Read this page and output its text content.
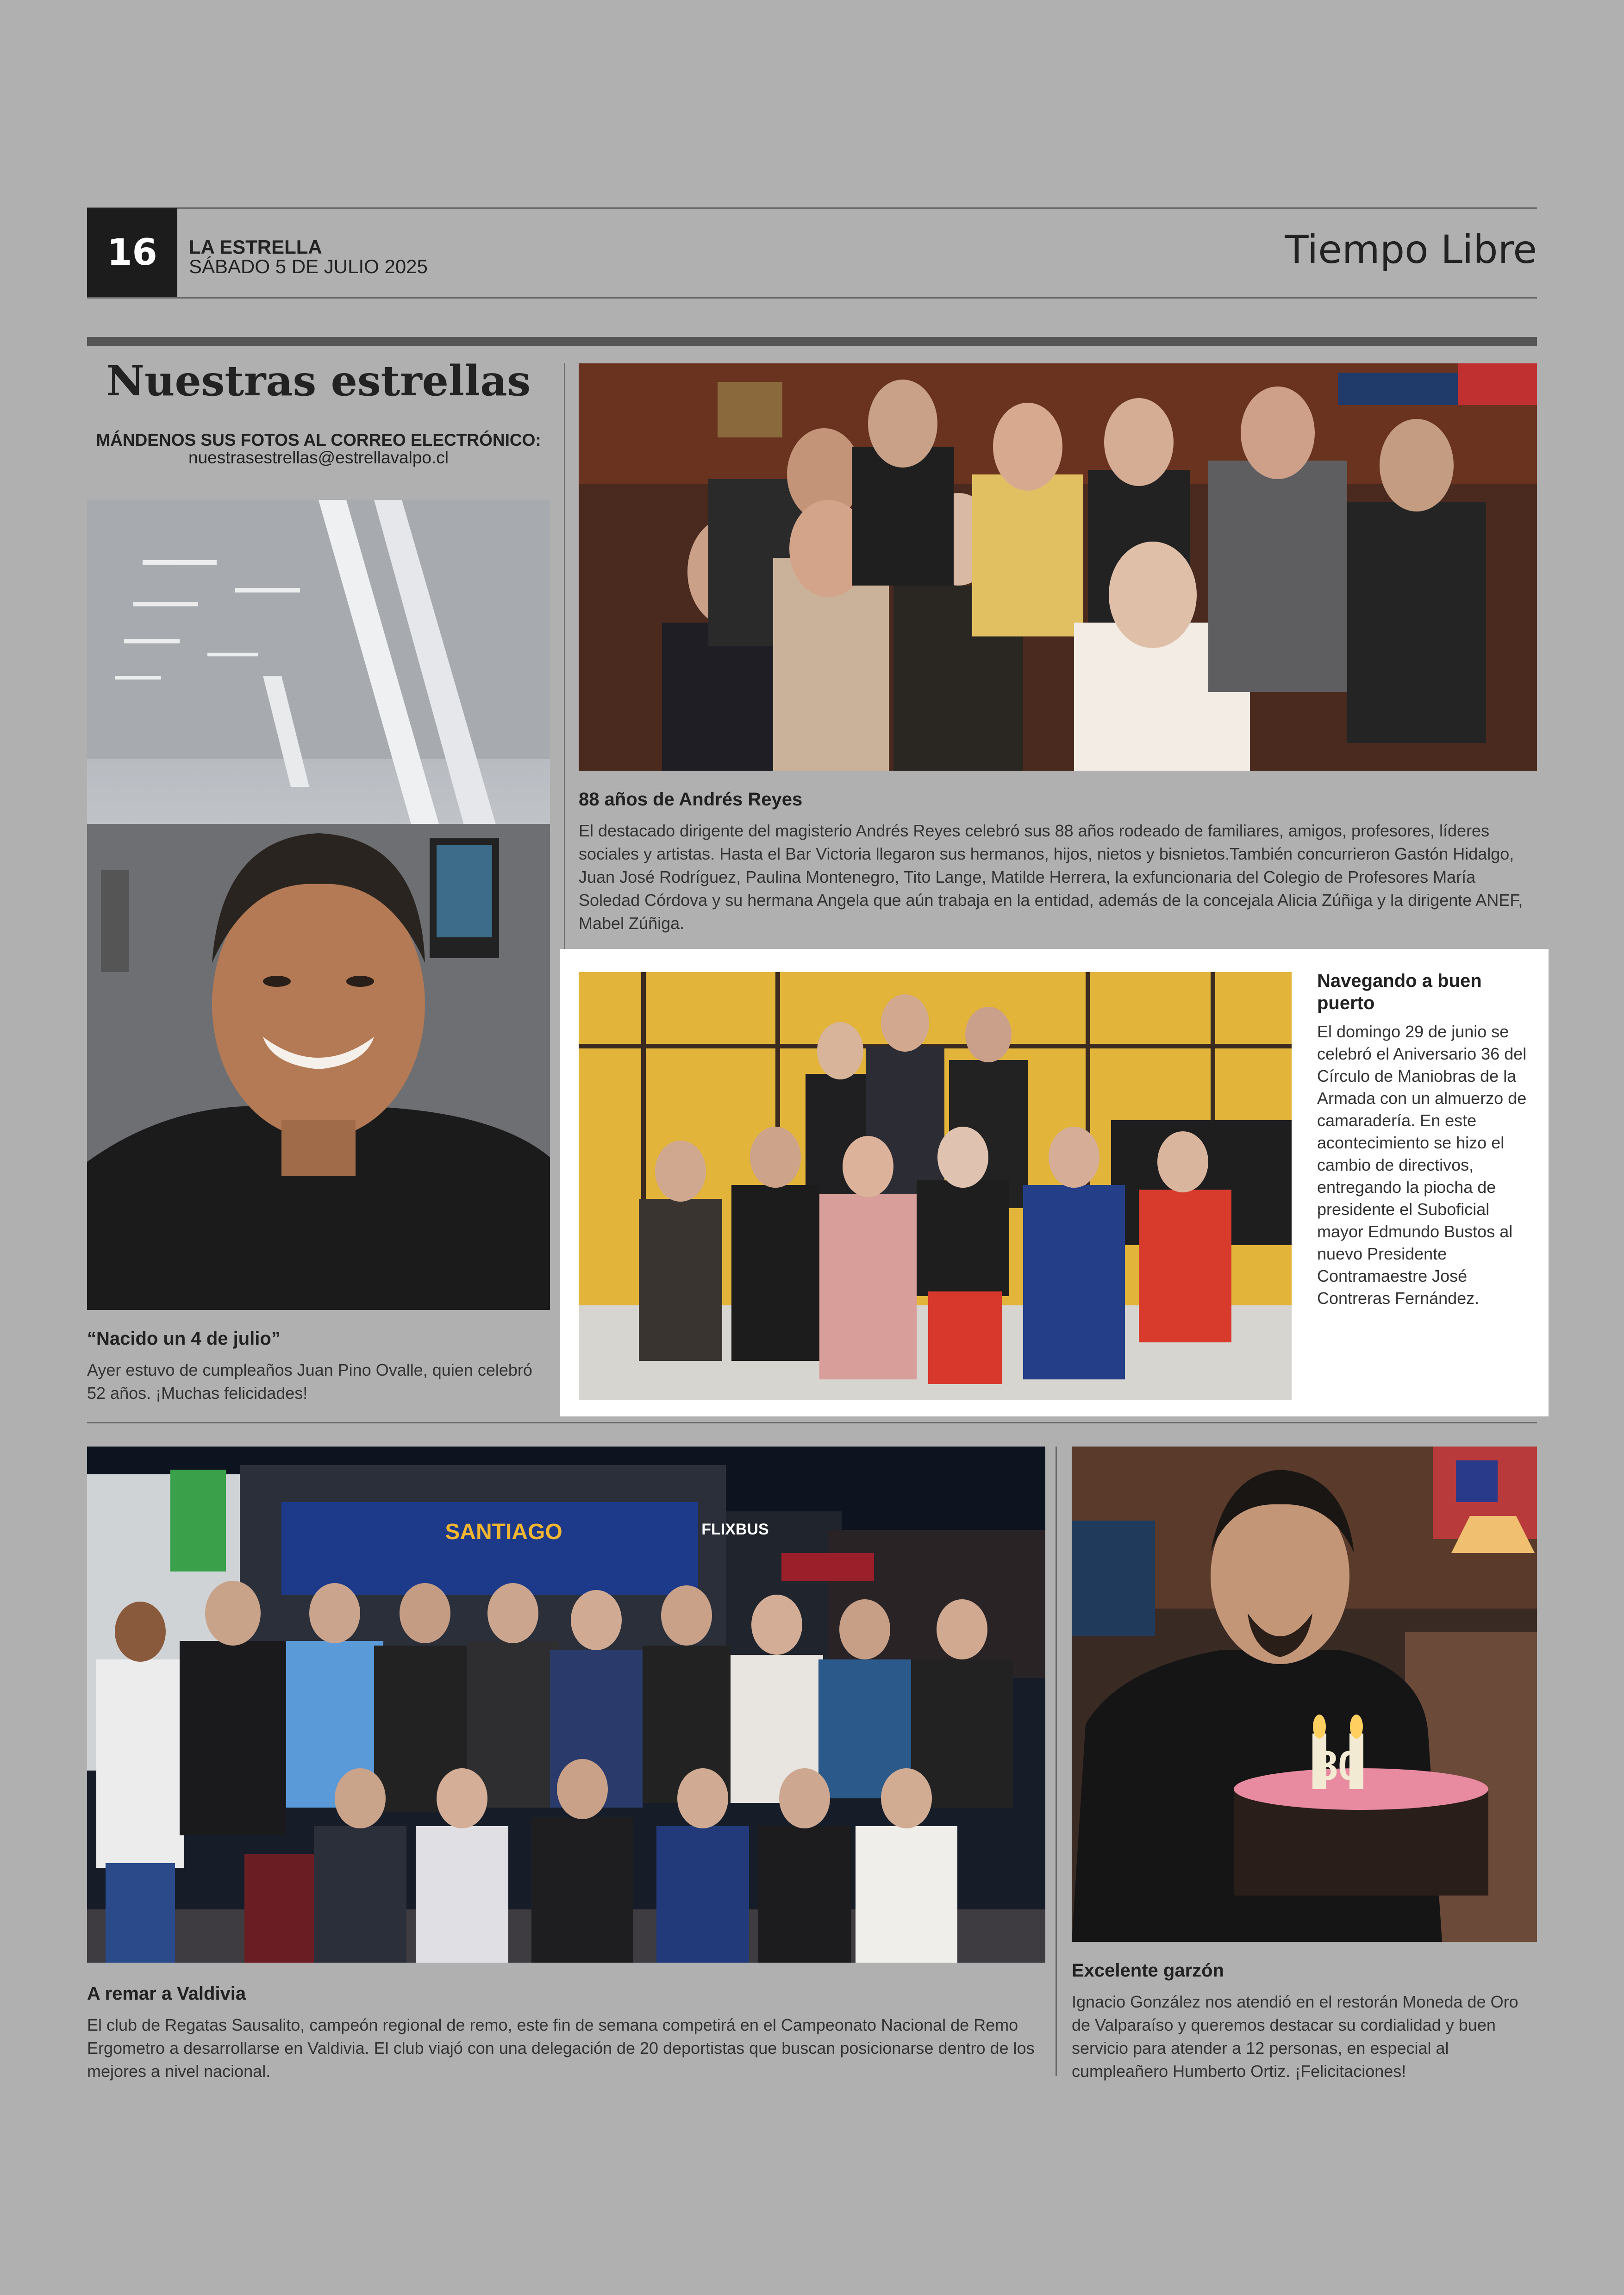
16	LA ESTRELLA
SÁBADO 5 DE JULIO 2025	Tiempo Libre
Nuestras estrellas
MÁNDENOS SUS FOTOS AL CORREO ELECTRÓNICO:
nuestrasestrellas@estrellavalpo.cl
“Nacido un 4 de julio”
Ayer estuvo de cumpleaños Juan Pino Ovalle, quien celebró 52 años. ¡Muchas felicidades!
88 años de Andrés Reyes
El destacado dirigente del magisterio Andrés Reyes celebró sus 88 años rodeado de familiares, amigos, profesores, líderes sociales y artistas. Hasta el Bar Victoria llegaron sus hermanos, hijos, nietos y bisnietos.También concurrieron Gastón Hidalgo, Juan José Rodríguez, Paulina Montenegro, Tito Lange, Matilde Herrera, la exfuncionaria del Colegio de Profesores María Soledad Córdova y su hermana Angela que aún trabaja en la entidad, además de la concejala Alicia Zúñiga y la dirigente ANEF, Mabel Zúñiga.
Navegando a buen puerto
El domingo 29 de junio se celebró el Aniversario 36 del Círculo de Maniobras de la Armada con un almuerzo de camaradería. En este acontecimiento se hizo el cambio de directivos, entregando la piocha de presidente el Suboficial mayor Edmundo Bustos al nuevo Presidente Contramaestre José Contreras Fernández.
SANTIAGO	FLIXBUS
A remar a Valdivia
El club de Regatas Sausalito, campeón regional de remo, este fin de semana competirá en el Campeonato Nacional de Remo Ergometro a desarrollarse en Valdivia. El club viajó con una delegación de 20 deportistas que buscan posicionarse dentro de los mejores a nivel nacional.
80
Excelente garzón
Ignacio González nos atendió en el restorán Moneda de Oro de Valparaíso y queremos destacar su cordialidad y buen servicio para atender a 12 personas, en especial al cumpleañero Humberto Ortiz. ¡Felicitaciones!
